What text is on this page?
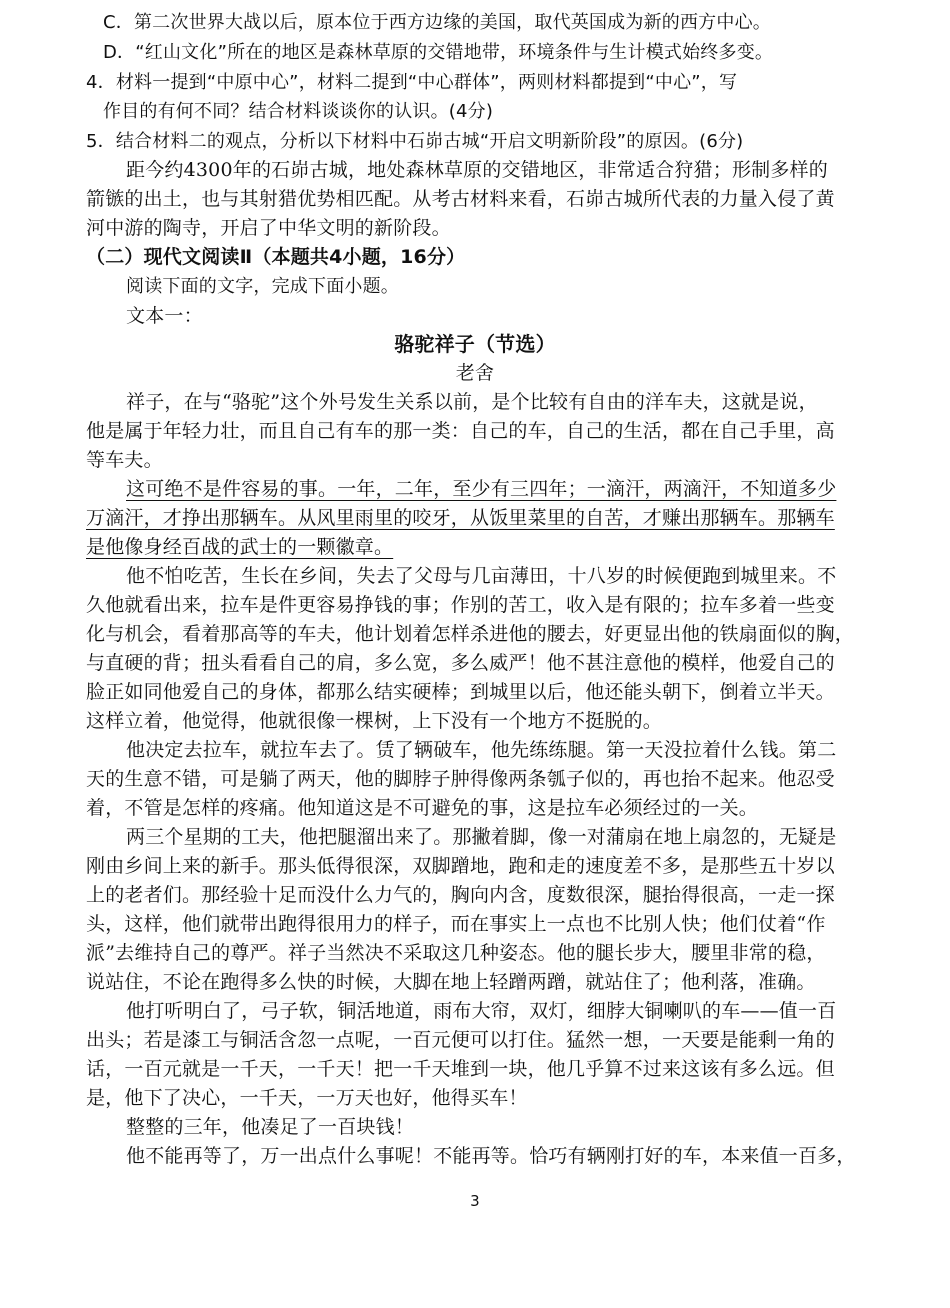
C．第二次世界大战以后，原本位于西方边缘的美国，取代英国成为新的西方中心。
D．“红山文化”所在的地区是森林草原的交错地带，环境条件与生计模式始终多变。
4．材料一提到“中原中心”，材料二提到“中心群体”，两则材料都提到“中心”，写
作目的有何不同？结合材料谈谈你的认识。(4分)
5．结合材料二的观点，分析以下材料中石峁古城“开启文明新阶段”的原因。(6分)
距今约4300年的石峁古城，地处森林草原的交错地区，非常适合狩猎；形制多样的
箭镞的出土，也与其射猎优势相匹配。从考古材料来看，石峁古城所代表的力量入侵了黄
河中游的陶寺，开启了中华文明的新阶段。
（二）现代文阅读Ⅱ（本题共4小题，16分）
阅读下面的文字，完成下面小题。
文本一：
骆驼祥子（节选）
老舍
祥子，在与“骆驼”这个外号发生关系以前，是个比较有自由的洋车夫，这就是说，
他是属于年轻力壮，而且自己有车的那一类：自己的车，自己的生活，都在自己手里，高
等车夫。
这可绝不是件容易的事。一年，二年，至少有三四年；一滴汗，两滴汗，不知道多少
万滴汗，才挣出那辆车。从风里雨里的咬牙，从饭里菜里的自苦，才赚出那辆车。那辆车
是他像身经百战的武士的一颗徽章。
他不怕吃苦，生长在乡间，失去了父母与几亩薄田，十八岁的时候便跑到城里来。不
久他就看出来，拉车是件更容易挣钱的事；作别的苦工，收入是有限的；拉车多着一些变
化与机会，看着那高等的车夫，他计划着怎样杀进他的腰去，好更显出他的铁扇面似的胸，
与直硬的背；扭头看看自己的肩，多么宽，多么威严！他不甚注意他的模样，他爱自己的
脸正如同他爱自己的身体，都那么结实硬棒；到城里以后，他还能头朝下，倒着立半天。
这样立着，他觉得，他就很像一棵树，上下没有一个地方不挺脱的。
他决定去拉车，就拉车去了。赁了辆破车，他先练练腿。第一天没拉着什么钱。第二
天的生意不错，可是躺了两天，他的脚脖子肿得像两条瓠子似的，再也抬不起来。他忍受
着，不管是怎样的疼痛。他知道这是不可避免的事，这是拉车必须经过的一关。
两三个星期的工夫，他把腿溜出来了。那撇着脚，像一对蒲扇在地上扇忽的，无疑是
刚由乡间上来的新手。那头低得很深，双脚蹭地，跑和走的速度差不多，是那些五十岁以
上的老者们。那经验十足而没什么力气的，胸向内含，度数很深，腿抬得很高，一走一探
头，这样，他们就带出跑得很用力的样子，而在事实上一点也不比别人快；他们仗着“作
派”去维持自己的尊严。祥子当然决不采取这几种姿态。他的腿长步大，腰里非常的稳，
说站住，不论在跑得多么快的时候，大脚在地上轻蹭两蹭，就站住了；他利落，准确。
他打听明白了，弓子软，铜活地道，雨布大帘，双灯，细脖大铜喇叭的车——值一百
出头；若是漆工与铜活含忽一点呢，一百元便可以打住。猛然一想，一天要是能剩一角的
话，一百元就是一千天，一千天！把一千天堆到一块，他几乎算不过来这该有多么远。但
是，他下了决心，一千天，一万天也好，他得买车！
整整的三年，他凑足了一百块钱！
他不能再等了，万一出点什么事呢！不能再等。恰巧有辆刚打好的车，本来值一百多，
3
